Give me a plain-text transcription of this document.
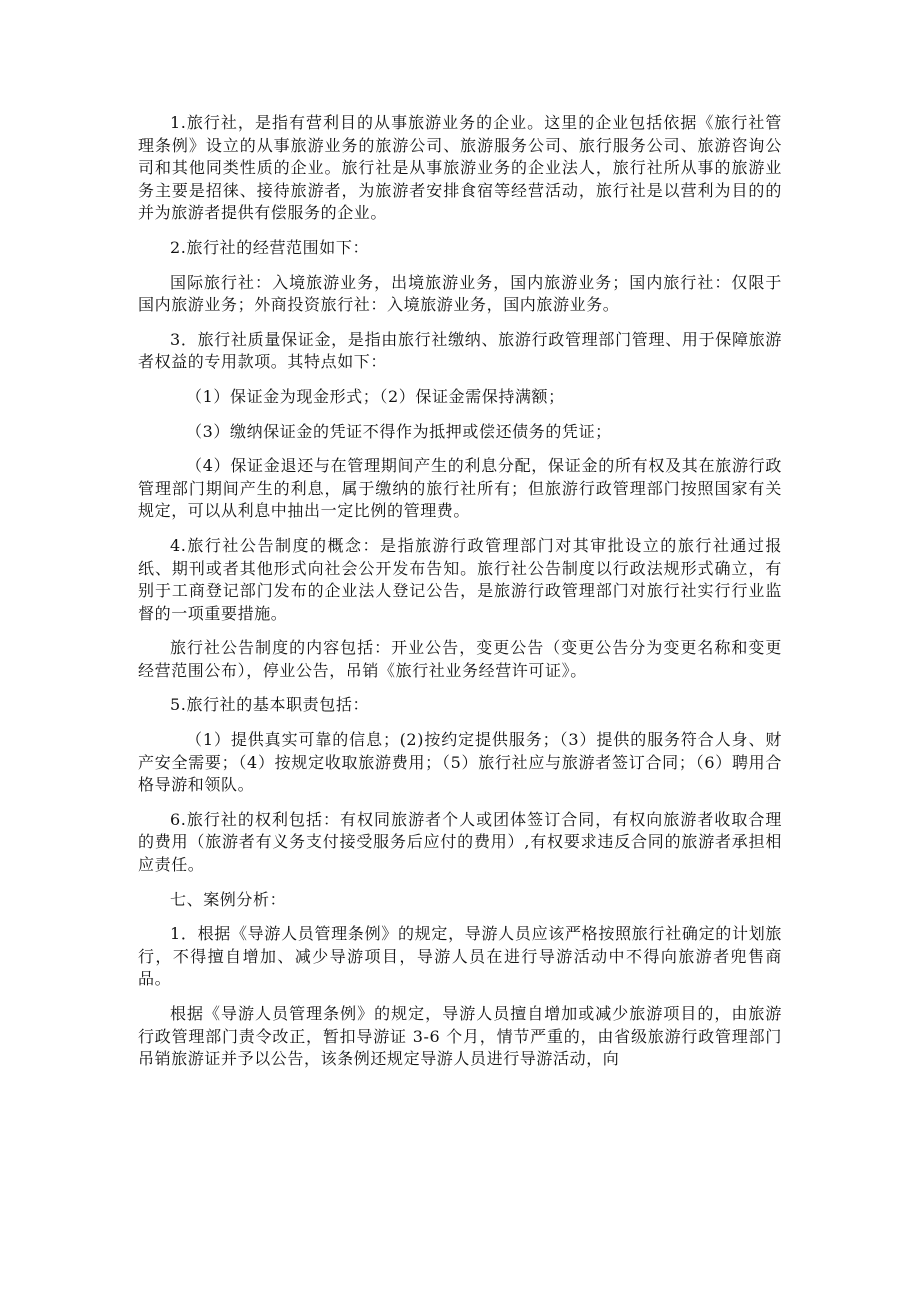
1.旅行社，是指有营利目的从事旅游业务的企业。这里的企业包括依据《旅行社管理条例》设立的从事旅游业务的旅游公司、旅游服务公司、旅行服务公司、旅游咨询公司和其他同类性质的企业。旅行社是从事旅游业务的企业法人，旅行社所从事的旅游业务主要是招徕、接待旅游者，为旅游者安排食宿等经营活动，旅行社是以营利为目的的并为旅游者提供有偿服务的企业。

2.旅行社的经营范围如下：

国际旅行社：入境旅游业务，出境旅游业务，国内旅游业务；国内旅行社：仅限于国内旅游业务；外商投资旅行社：入境旅游业务，国内旅游业务。

3．旅行社质量保证金，是指由旅行社缴纳、旅游行政管理部门管理、用于保障旅游者权益的专用款项。其特点如下：

（1）保证金为现金形式；（2）保证金需保持满额；

（3）缴纳保证金的凭证不得作为抵押或偿还债务的凭证；

（4）保证金退还与在管理期间产生的利息分配，保证金的所有权及其在旅游行政管理部门期间产生的利息，属于缴纳的旅行社所有；但旅游行政管理部门按照国家有关规定，可以从利息中抽出一定比例的管理费。

4.旅行社公告制度的概念：是指旅游行政管理部门对其审批设立的旅行社通过报纸、期刊或者其他形式向社会公开发布告知。旅行社公告制度以行政法规形式确立，有别于工商登记部门发布的企业法人登记公告，是旅游行政管理部门对旅行社实行行业监督的一项重要措施。

旅行社公告制度的内容包括：开业公告，变更公告（变更公告分为变更名称和变更经营范围公布），停业公告，吊销《旅行社业务经营许可证》。

5.旅行社的基本职责包括：

（1）提供真实可靠的信息；(2)按约定提供服务；（3）提供的服务符合人身、财产安全需要；（4）按规定收取旅游费用；（5）旅行社应与旅游者签订合同；（6）聘用合格导游和领队。

6.旅行社的权利包括：有权同旅游者个人或团体签订合同，有权向旅游者收取合理的费用（旅游者有义务支付接受服务后应付的费用）,有权要求违反合同的旅游者承担相应责任。

七、案例分析：

1．根据《导游人员管理条例》的规定，导游人员应该严格按照旅行社确定的计划旅行，不得擅自增加、减少导游项目，导游人员在进行导游活动中不得向旅游者兜售商品。

根据《导游人员管理条例》的规定，导游人员擅自增加或减少旅游项目的，由旅游行政管理部门责令改正，暂扣导游证 3-6 个月，情节严重的，由省级旅游行政管理部门吊销旅游证并予以公告，该条例还规定导游人员进行导游活动，向
